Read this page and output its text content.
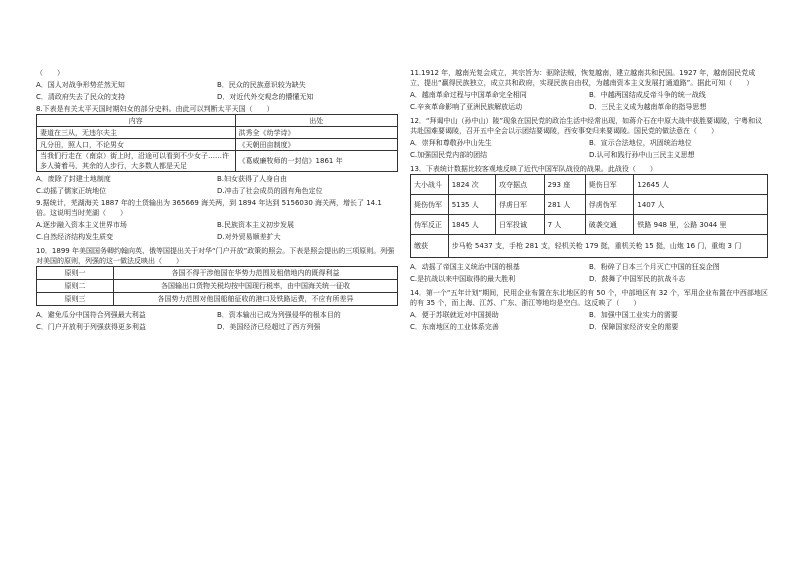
（　　）

A．国人对战争形势茫然无知	B．民众的民族意识较为缺失
C．清政府失去了民众的支持	D．对近代外交观念的懵懂无知

8.下表是有关太平天国时期妇女的部分史料。由此可以判断太平天国（　　）

内容	出处
妻道在三从，无违尔夫主	洪秀全《幼学诗》
凡分田，照人口，不论男女	《天朝田亩制度》
当我们行走在（南京）街上时，沿途可以看到不少女子……许多人骑着马，其余的人步行，大多数人都是天足	《葛威廉牧师的一封信》1861 年
A．废除了封建土地制度	B.妇女获得了人身自由
C.动摇了儒家正统地位	D.冲击了社会成员的固有角色定位

9.据统计，芜湖海关 1887 年的土货输出为 365669 海关两，到 1894 年达到 5156030 海关两，增长了 14.1 倍。这说明当时芜湖（　　）

A.逐步融入资本主义世界市场	B.民族资本主义初步发展
C.自然经济结构发生质变	D.对外贸易顺差扩大

10．1899 年美国国务卿约翰向英、俄等国提出关于对华“门户开放”政策的照会。下表是照会提出的三项原则。列强对美国的原则，列强的这一做法反映出（　　）

原则一	各国不得干涉他国在华势力范围及租借地内的既得利益
原则二	各国输出口货物关税均按中国现行税率，由中国海关统一征收
原则三	各国势力范围对他国船舶征收的港口及铁路运费，不应有所差异
A．避免瓜分中国符合列强最大利益	B．资本输出已成为列强侵华的根本目的
C．门户开放利于列强获得更多利益	D．美国经济已经超过了西方列强

11.1912 年，越南光复会成立，其宗旨为：驱除法贼，恢复越南，建立越南共和民国。1927 年，越南国民党成立，提出“赢得民族独立，成立共和政府，实现民族自由权，为越南资本主义发展打通道路”。据此可知（　　）

A．越南革命过程与中国革命完全相同	B．中越两国结成反帝斗争的统一战线
C.辛亥革命影响了亚洲民族解放运动	D．三民主义成为越南革命的指导思想

12．“拜谒中山（孙中山）陵”现象在国民党的政治生活中经常出现，如蒋介石在中原大战中获胜要谒陵，宁粤和议共赴国难要谒陵，召开五中全会以示团结要谒陵，西安事变归来要谒陵。国民党的做法意在（　　）

A．崇拜和尊敬孙中山先生	B．宣示合法地位，巩固统治地位
C.加强国民党内部的团结	D.认可和践行孙中山三民主义思想

13．下表统计数据比较客观地反映了近代中国军队战役的战果。此战役（　　）

大小战斗	1824 次	攻夺据点	293 座	毙伤日军	12645 人
毙伤伪军	5135 人	俘虏日军	281 人	俘虏伪军	1407 人
伪军反正	1845 人	日军投诚	7 人	破袭交通	铁路 948 里，公路 3044 里
缴获	步马枪 5437 支，手枪 281 支，轻机关枪 179 挺，重机关枪 15 挺，山炮 16 门，重炮 3 门				
A．动摇了帝国主义统治中国的根基	B．粉碎了日本三个月灭亡中国的狂妄企图
C.是抗战以来中国取得的最大胜利	D．鼓舞了中国军民的抗战斗志

14．第一个“五年计划”期间，民用企业布置在东北地区的有 50 个，中部地区有 32 个，军用企业布置在中西部地区的有 35 个，而上海、江苏、广东、浙江等地均是空白。这反映了（　　）

A．便于苏联就近对中国援助	B．加强中国工业实力的需要
C．东南地区的工业体系完善	D．保障国家经济安全的需要
